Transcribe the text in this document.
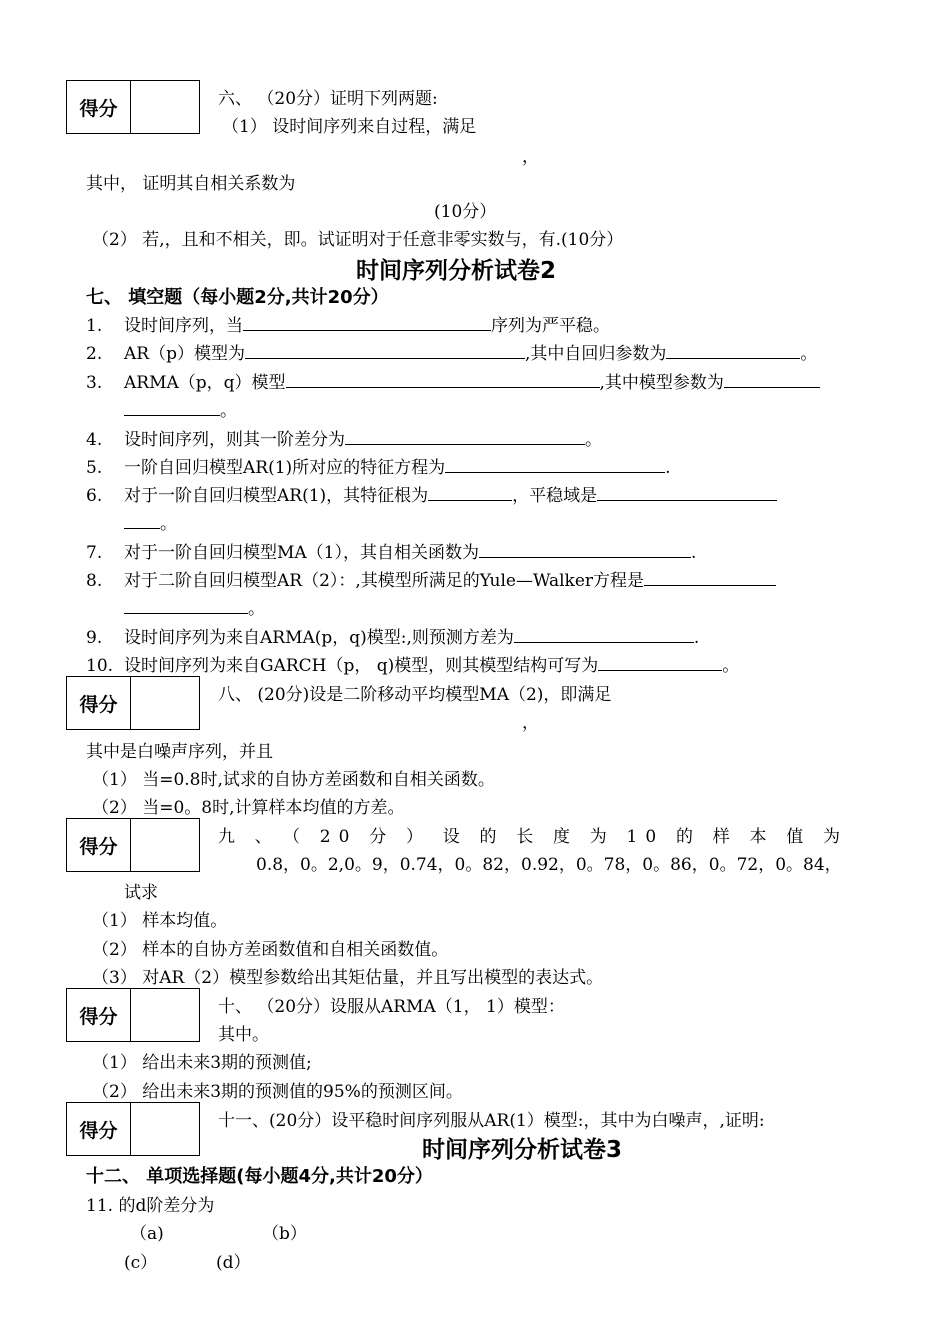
得分	六、 （20分）证明下列两题:
（1） 设时间序列来自过程，满足
，
其中， 证明其自相关系数为
(10分）
（2） 若,，且和不相关，即。试证明对于任意非零实数与，有.(10分）
时间序列分析试卷2
七、 填空题（每小题2分,共计20分）
1. 设时间序列，当	序列为严平稳。
2. AR（p）模型为	,其中自回归参数为	。
3. ARMA（p，q）模型	,其中模型参数为
。
4. 设时间序列，则其一阶差分为	。
5. 一阶自回归模型AR(1)所对应的特征方程为	.
6. 对于一阶自回归模型AR(1)，其特征根为	，平稳域是
。
7. 对于一阶自回归模型MA（1），其自相关函数为	.
8. 对于二阶自回归模型AR（2）：,其模型所满足的Yule—Walker方程是
。
9. 设时间序列为来自ARMA(p，q)模型:,则预测方差为	.
10. 设时间序列为来自GARCH（p， q)模型，则其模型结构可写为	。
得分	八、 (20分)设是二阶移动平均模型MA（2)，即满足
，
其中是白噪声序列，并且
（1） 当=0.8时,试求的自协方差函数和自相关函数。
（2） 当=0。8时,计算样本均值的方差。
得分	九、（20分）设的长度为10的样本值为
0.8，0。2,0。9，0.74，0。82，0.92，0。78，0。86，0。72，0。84，
试求
（1） 样本均值。
（2） 样本的自协方差函数值和自相关函数值。
（3） 对AR（2）模型参数给出其矩估量，并且写出模型的表达式。
得分	十、 （20分）设服从ARMA（1， 1）模型：
其中。
（1） 给出未来3期的预测值;
（2） 给出未来3期的预测值的95%的预测区间。
得分	十一、(20分）设平稳时间序列服从AR(1）模型:，其中为白噪声，,证明:
时间序列分析试卷3
十二、 单项选择题(每小题4分,共计20分）
11. 的d阶差分为
（a)	（b）
(c）	(d）
